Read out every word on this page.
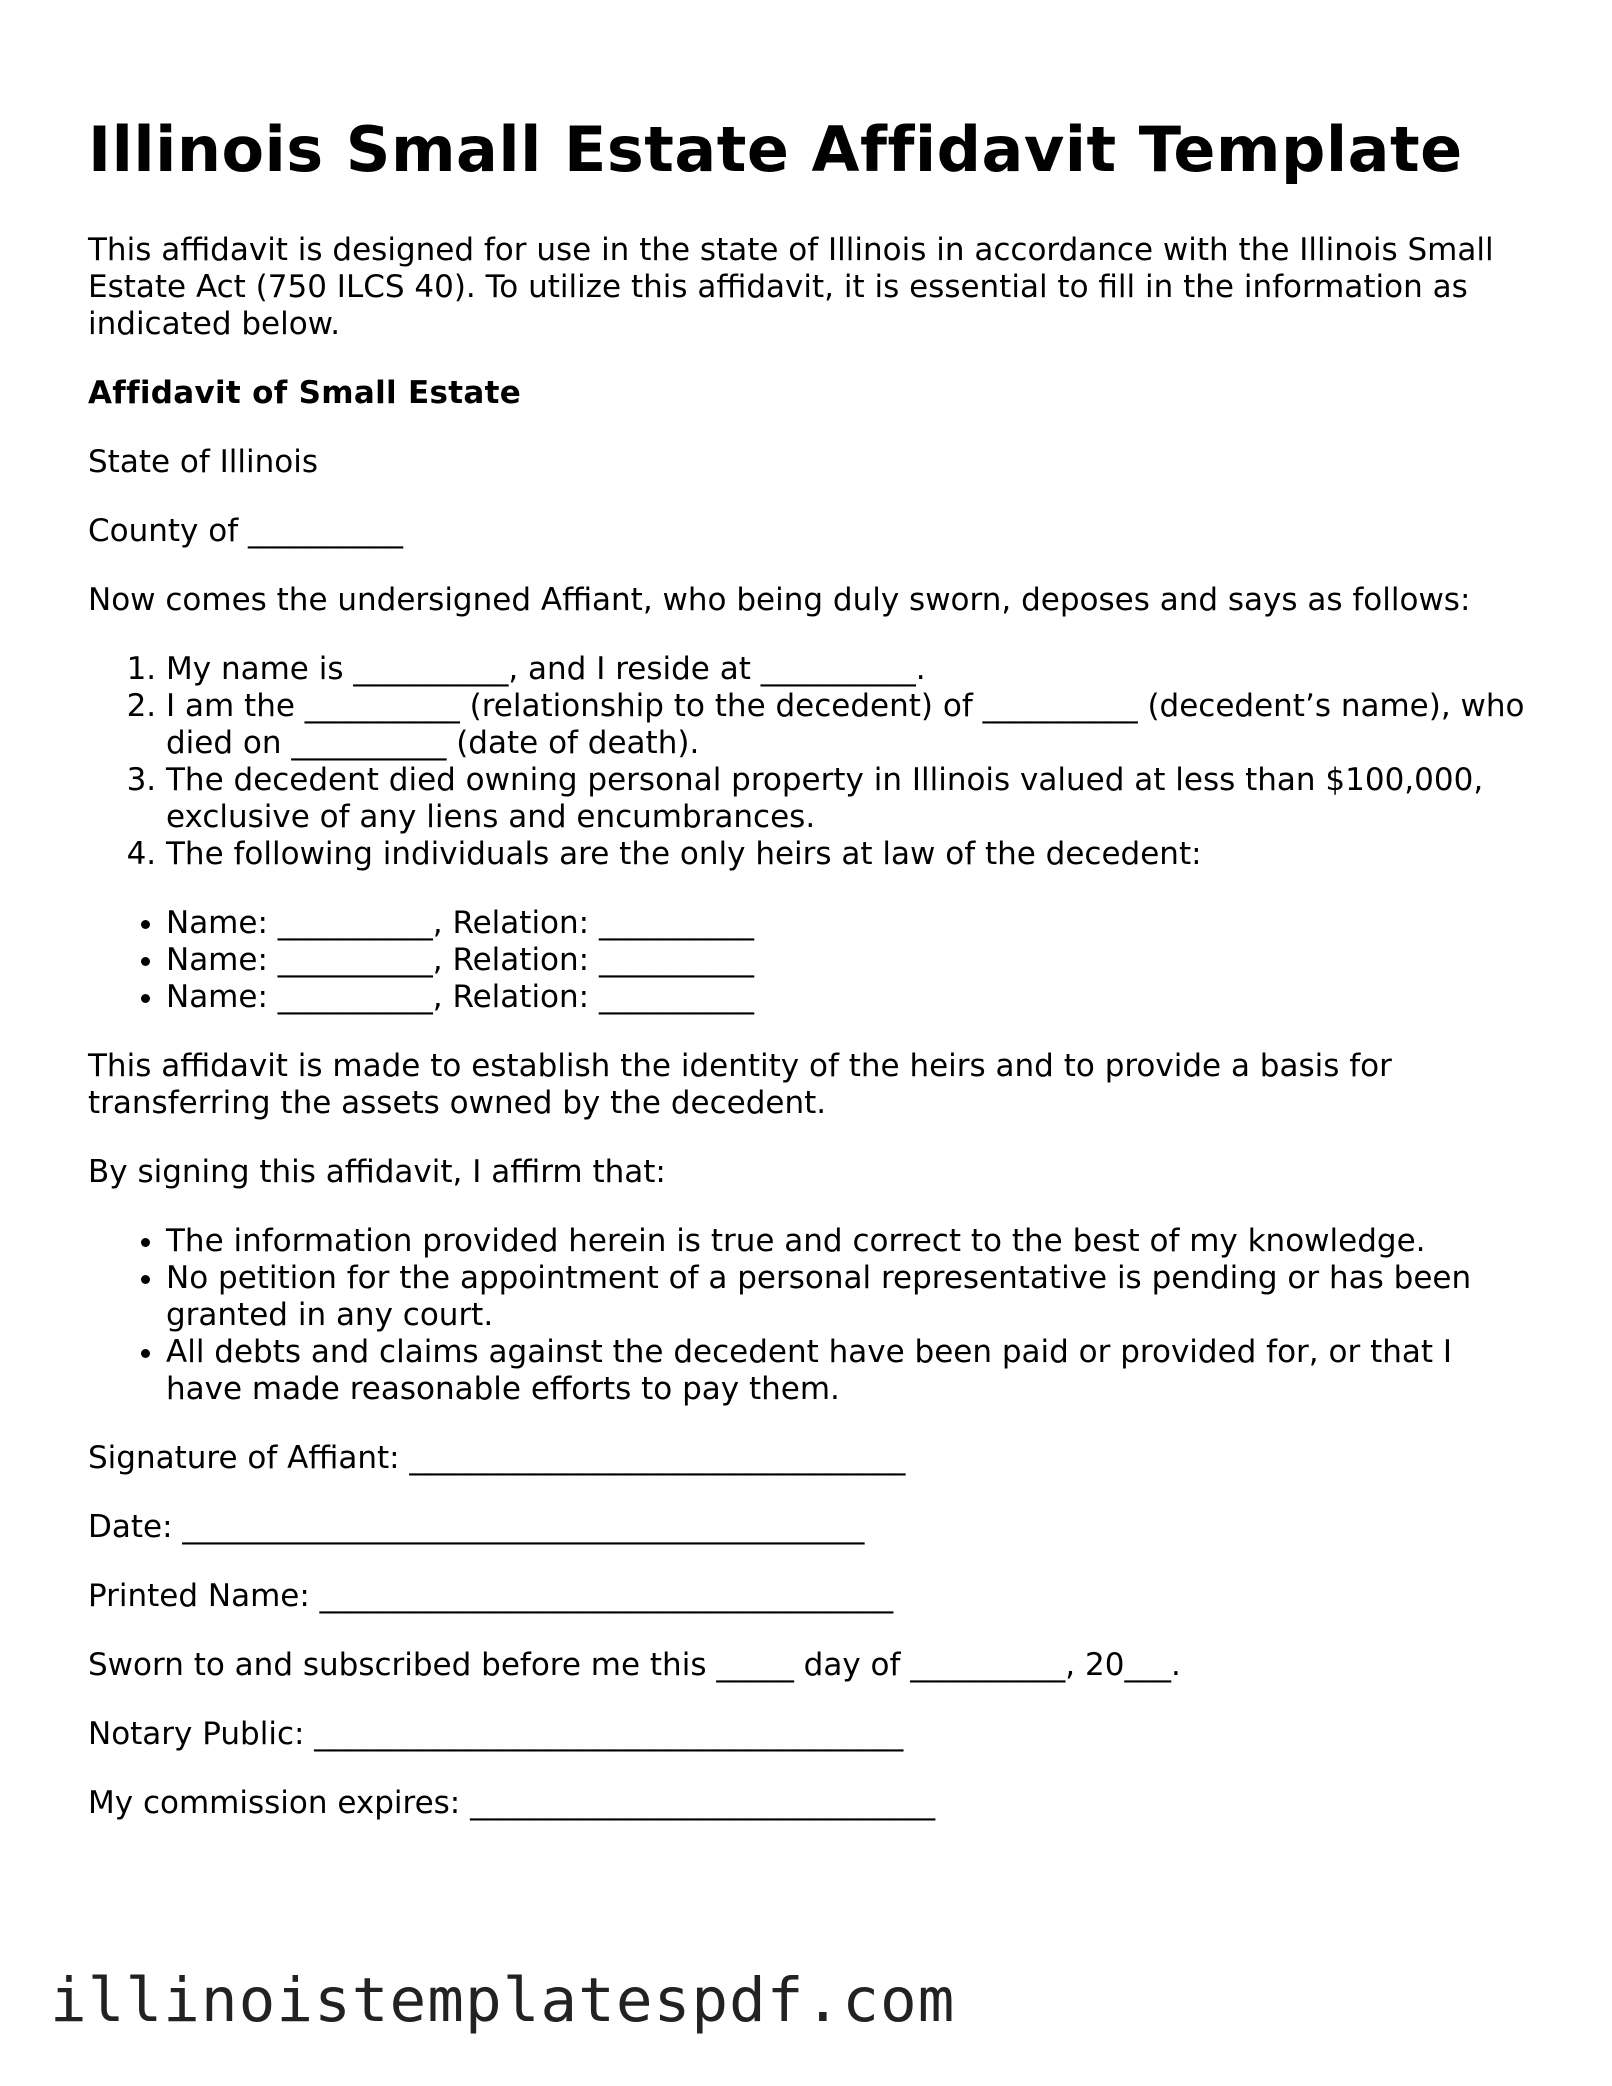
Illinois Small Estate Affidavit Template

This affidavit is designed for use in the state of Illinois in accordance with the Illinois Small Estate Act (750 ILCS 40). To utilize this affidavit, it is essential to fill in the information as indicated below.

Affidavit of Small Estate

State of Illinois

County of __________

Now comes the undersigned Affiant, who being duly sworn, deposes and says as follows:

1. My name is __________, and I reside at __________.
2. I am the __________ (relationship to the decedent) of __________ (decedent’s name), who died on __________ (date of death).
3. The decedent died owning personal property in Illinois valued at less than $100,000, exclusive of any liens and encumbrances.
4. The following individuals are the only heirs at law of the decedent:
• Name: __________, Relation: __________
• Name: __________, Relation: __________
• Name: __________, Relation: __________

This affidavit is made to establish the identity of the heirs and to provide a basis for transferring the assets owned by the decedent.

By signing this affidavit, I affirm that:

• The information provided herein is true and correct to the best of my knowledge.
• No petition for the appointment of a personal representative is pending or has been granted in any court.
• All debts and claims against the decedent have been paid or provided for, or that I have made reasonable efforts to pay them.

Signature of Affiant: ________________________________

Date: ____________________________________________

Printed Name: _____________________________________

Sworn to and subscribed before me this _____ day of __________, 20___.

Notary Public: ______________________________________

My commission expires: ______________________________

illinoistemplatespdf.com
